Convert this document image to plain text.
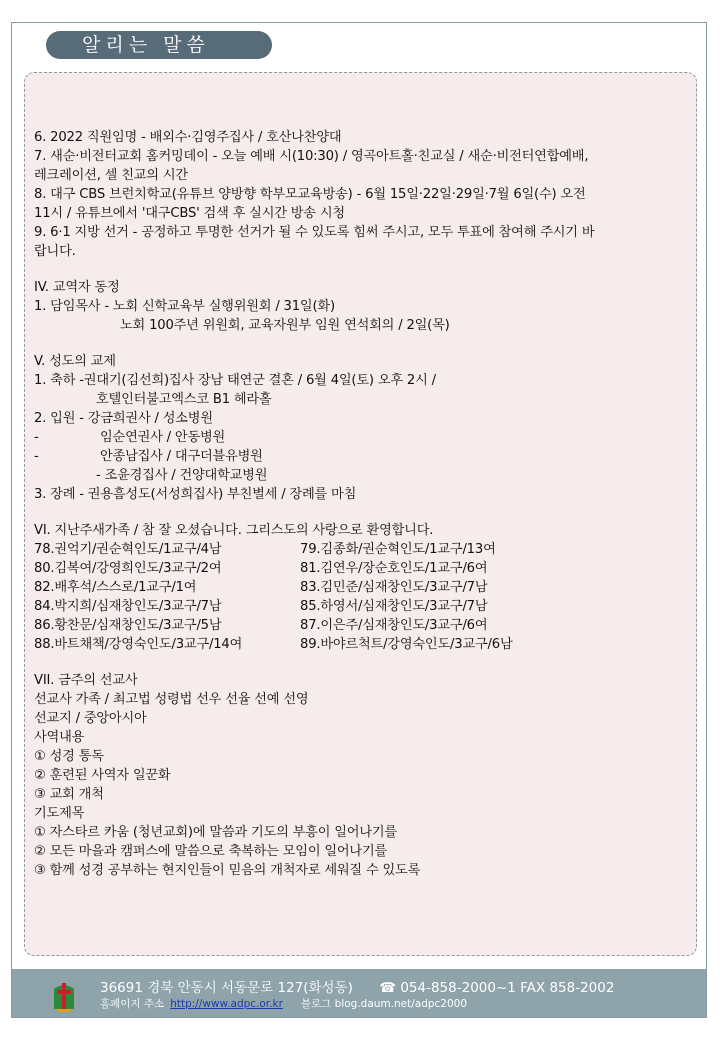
알리는 말씀
6. 2022 직원임명 - 배외수·김영주집사 / 호산나찬양대
7. 새순·비전터교회 홈커밍데이 - 오늘 예배 시(10:30) / 영곡아트홀·친교실 / 새순·비전터연합예배,
레크레이션, 셀 친교의 시간
8. 대구 CBS 브런치학교(유튜브 양방향 학부모교육방송) - 6월 15일·22일·29일·7월 6일(수) 오전
11시 / 유튜브에서 '대구CBS' 검색 후 실시간 방송 시청
9. 6·1 지방 선거 - 공정하고 투명한 선거가 될 수 있도록 힘써 주시고, 모두 투표에 참여해 주시기 바
랍니다.
IV. 교역자 동정
1. 담임목사 - 노회 신학교육부 실행위원회 / 31일(화)
노회 100주년 위원회, 교육자원부 임원 연석회의 / 2일(목)
V. 성도의 교제
1. 축하 -권대기(김선희)집사 장남 태연군 결혼 / 6월 4일(토) 오후 2시 /
호텔인터불고엑스코 B1 헤라홀
2. 입원 - 강금희권사 / 성소병원
-	임순연권사 / 안동병원
-	안종남집사 / 대구더블유병원
- 조윤경집사 / 건양대학교병원
3. 장례 - 권용흠성도(서성희집사) 부친별세 / 장례를 마침
VI. 지난주새가족 / 참 잘 오셨습니다. 그리스도의 사랑으로 환영합니다.
78.권억기/권순혁인도/1교구/4남	79.김종화/권순혁인도/1교구/13여
80.김복여/강영희인도/3교구/2여	81.김연우/장순호인도/1교구/6여
82.배후석/스스로/1교구/1여	83.김민준/심재창인도/3교구/7남
84.박지희/심재창인도/3교구/7남	85.하영서/심재창인도/3교구/7남
86.황찬문/심재창인도/3교구/5남	87.이은주/심재창인도/3교구/6여
88.바트채책/강영숙인도/3교구/14여	89.바야르척트/강영숙인도/3교구/6남
VII. 금주의 선교사
선교사 가족 / 최고법 성령법 선우 선율 선예 선영
선교지 / 중앙아시아
사역내용
① 성경 통독
② 훈련된 사역자 일꾼화
③ 교회 개척
기도제목
① 자스타르 카움 (청년교회)에 말씀과 기도의 부흥이 일어나기를
② 모든 마을과 캠퍼스에 말씀으로 축복하는 모임이 일어나기를
③ 함께 성경 공부하는 현지인들이 믿음의 개척자로 세워질 수 있도록
36691 경북 안동시 서동문로 127(화성동) ☎ 054-858-2000~1 FAX 858-2002
홈페이지 주소 http://www.adpc.or.kr 블로그 blog.daum.net/adpc2000
